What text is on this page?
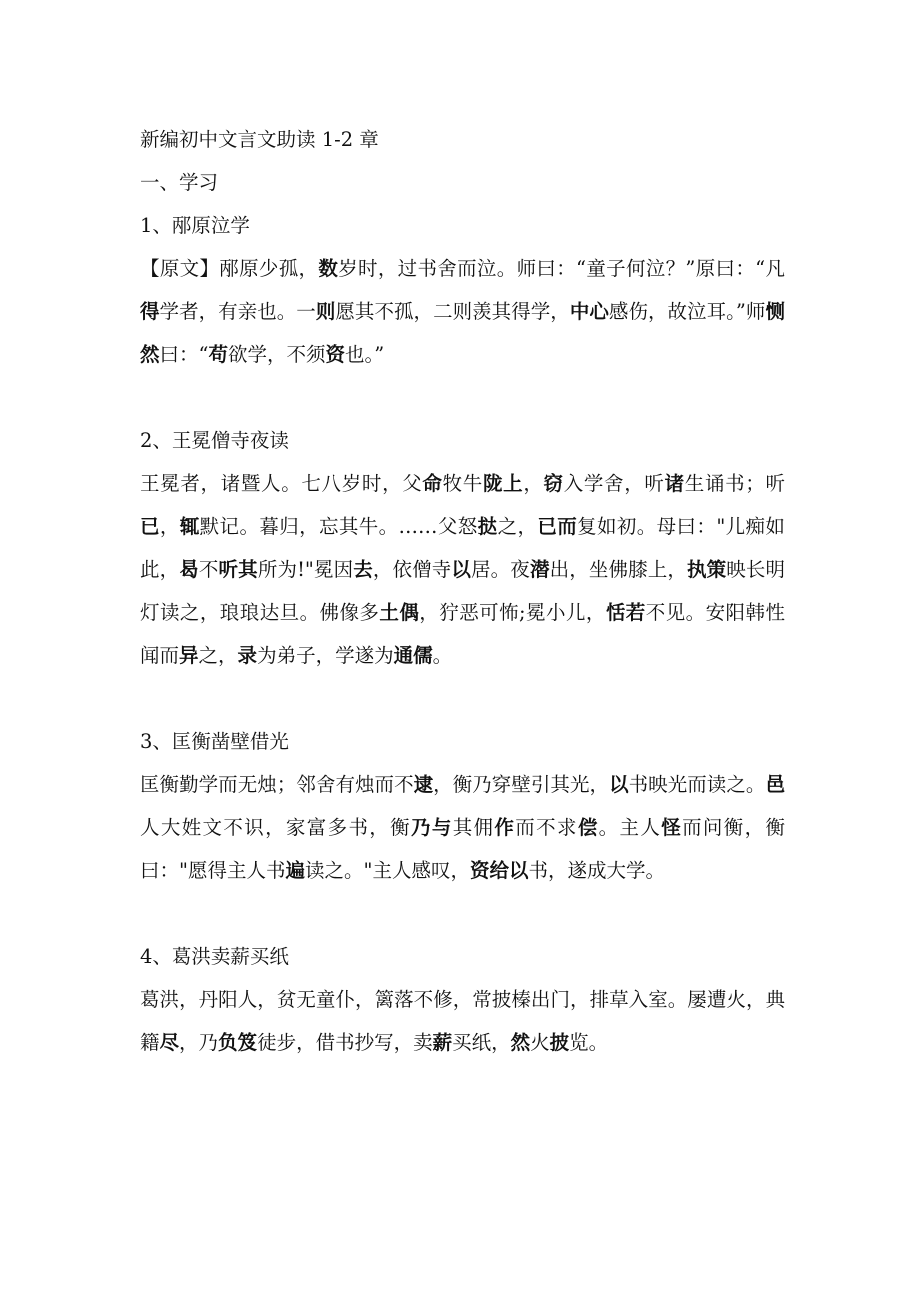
新编初中文言文助读 1-2 章
一、学习
1、邴原泣学
【原文】邴原少孤，数岁时，过书舍而泣。师曰：“童子何泣？”原曰：“凡得学者，有亲也。一则愿其不孤，二则羡其得学，中心感伤，故泣耳。”师恻然曰：“苟欲学，不须资也。”
2、王冕僧寺夜读
王冕者，诸暨人。七八岁时，父命牧牛陇上，窃入学舍，听诸生诵书；听已，辄默记。暮归，忘其牛。……父怒挞之，已而复如初。母曰："儿痴如此，曷不听其所为!"冕因去，依僧寺以居。夜潜出，坐佛膝上，执策映长明灯读之，琅琅达旦。佛像多土偶，狞恶可怖;冕小儿，恬若不见。安阳韩性闻而异之，录为弟子，学遂为通儒。
3、匡衡凿壁借光
匡衡勤学而无烛；邻舍有烛而不逮，衡乃穿壁引其光，以书映光而读之。邑人大姓文不识，家富多书，衡乃与其佣作而不求偿。主人怪而问衡，衡曰："愿得主人书遍读之。"主人感叹，资给以书，遂成大学。
4、葛洪卖薪买纸
葛洪，丹阳人，贫无童仆，篱落不修，常披榛出门，排草入室。屡遭火，典籍尽，乃负笈徒步，借书抄写，卖薪买纸，然火披览。
